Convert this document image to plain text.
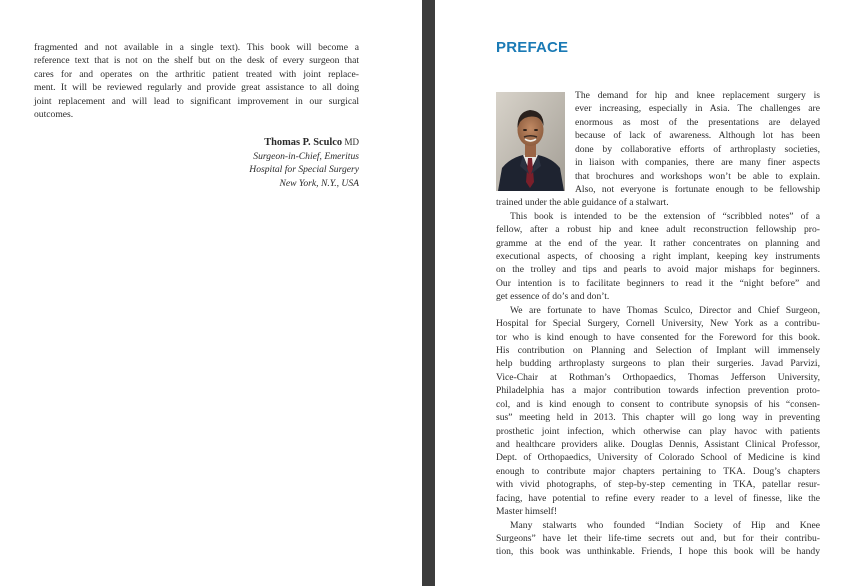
fragmented and not available in a single text). This book will become a
reference text that is not on the shelf but on the desk of every surgeon that
cares for and operates on the arthritic patient treated with joint replace-
ment. It will be reviewed regularly and provide great assistance to all doing
joint replacement and will lead to significant improvement in our surgical
outcomes.
Thomas P. Sculco MD
Surgeon-in-Chief, Emeritus
Hospital for Special Surgery
New York, N.Y., USA
PREFACE
The demand for hip and knee replacement surgery is
ever increasing, especially in Asia. The challenges are
enormous as most of the presentations are delayed
because of lack of awareness. Although lot has been
done by collaborative efforts of arthroplasty societies,
in liaison with companies, there are many finer aspects
that brochures and workshops won’t be able to explain.
Also, not everyone is fortunate enough to be fellowship
trained under the able guidance of a stalwart.
This book is intended to be the extension of “scribbled notes” of a
fellow, after a robust hip and knee adult reconstruction fellowship pro-
gramme at the end of the year. It rather concentrates on planning and
executional aspects, of choosing a right implant, keeping key instruments
on the trolley and tips and pearls to avoid major mishaps for beginners.
Our intention is to facilitate beginners to read it the “night before” and
get essence of do’s and don’t.
We are fortunate to have Thomas Sculco, Director and Chief Surgeon,
Hospital for Special Surgery, Cornell University, New York as a contribu-
tor who is kind enough to have consented for the Foreword for this book.
His contribution on Planning and Selection of Implant will immensely
help budding arthroplasty surgeons to plan their surgeries. Javad Parvizi,
Vice-Chair at Rothman’s Orthopaedics, Thomas Jefferson University,
Philadelphia has a major contribution towards infection prevention proto-
col, and is kind enough to consent to contribute synopsis of his “consen-
sus” meeting held in 2013. This chapter will go long way in preventing
prosthetic joint infection, which otherwise can play havoc with patients
and healthcare providers alike. Douglas Dennis, Assistant Clinical Professor,
Dept. of Orthopaedics, University of Colorado School of Medicine is kind
enough to contribute major chapters pertaining to TKA. Doug’s chapters
with vivid photographs, of step-by-step cementing in TKA, patellar resur-
facing, have potential to refine every reader to a level of finesse, like the
Master himself!
Many stalwarts who founded “Indian Society of Hip and Knee
Surgeons” have let their life-time secrets out and, but for their contribu-
tion, this book was unthinkable. Friends, I hope this book will be handy
